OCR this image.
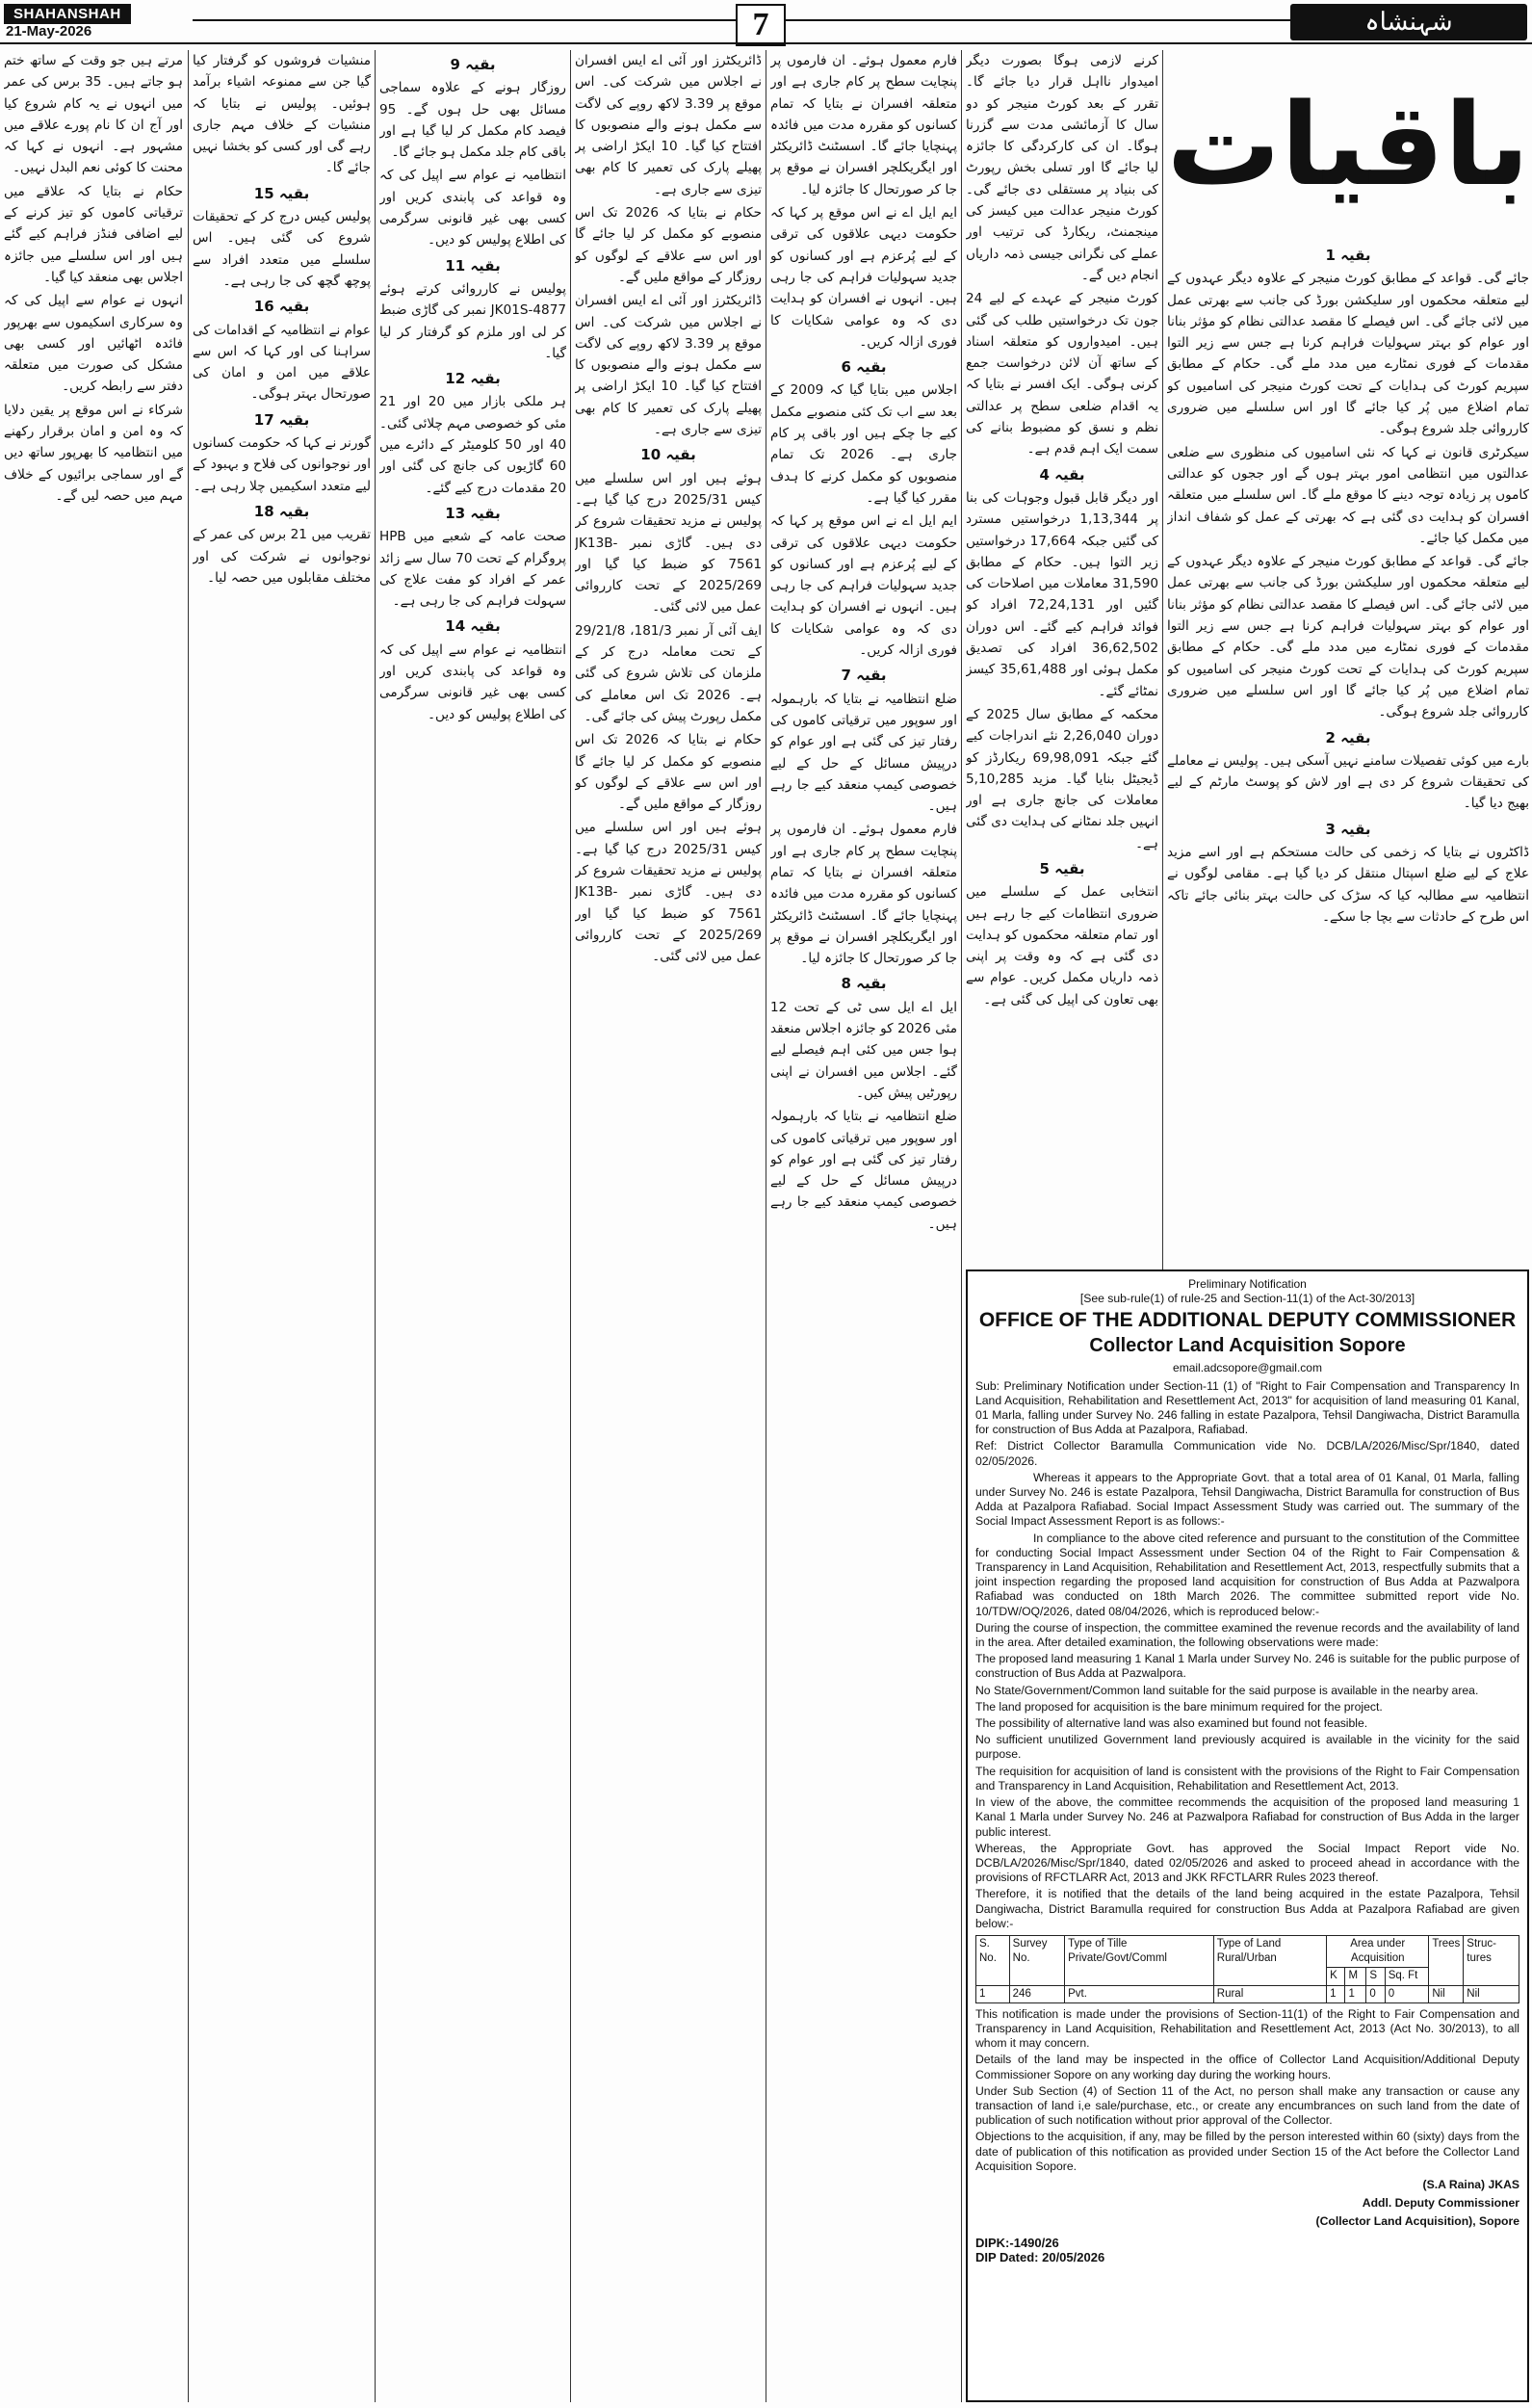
SHAHANSHAH
21-May-2026	7	شہنشاہ
باقیات

بقیہ 1

جائے گی۔ قواعد کے مطابق کورٹ منیجر کے علاوہ دیگر عہدوں کے لیے متعلقہ محکموں اور سلیکشن بورڈ کی جانب سے بھرتی عمل میں لائی جائے گی۔ اس فیصلے کا مقصد عدالتی نظام کو مؤثر بنانا اور عوام کو بہتر سہولیات فراہم کرنا ہے جس سے زیر التوا مقدمات کے فوری نمٹارے میں مدد ملے گی۔ حکام کے مطابق سپریم کورٹ کی ہدایات کے تحت کورٹ منیجر کی اسامیوں کو تمام اضلاع میں پُر کیا جائے گا اور اس سلسلے میں ضروری کارروائی جلد شروع ہوگی۔

سیکرٹری قانون نے کہا کہ نئی اسامیوں کی منظوری سے ضلعی عدالتوں میں انتظامی امور بہتر ہوں گے اور ججوں کو عدالتی کاموں پر زیادہ توجہ دینے کا موقع ملے گا۔ اس سلسلے میں متعلقہ افسران کو ہدایت دی گئی ہے کہ بھرتی کے عمل کو شفاف انداز میں مکمل کیا جائے۔

جائے گی۔ قواعد کے مطابق کورٹ منیجر کے علاوہ دیگر عہدوں کے لیے متعلقہ محکموں اور سلیکشن بورڈ کی جانب سے بھرتی عمل میں لائی جائے گی۔ اس فیصلے کا مقصد عدالتی نظام کو مؤثر بنانا اور عوام کو بہتر سہولیات فراہم کرنا ہے جس سے زیر التوا مقدمات کے فوری نمٹارے میں مدد ملے گی۔ حکام کے مطابق سپریم کورٹ کی ہدایات کے تحت کورٹ منیجر کی اسامیوں کو تمام اضلاع میں پُر کیا جائے گا اور اس سلسلے میں ضروری کارروائی جلد شروع ہوگی۔

بقیہ 2

بارے میں کوئی تفصیلات سامنے نہیں آسکی ہیں۔ پولیس نے معاملے کی تحقیقات شروع کر دی ہے اور لاش کو پوسٹ مارٹم کے لیے بھیج دیا گیا۔

بقیہ 3

ڈاکٹروں نے بتایا کہ زخمی کی حالت مستحکم ہے اور اسے مزید علاج کے لیے ضلع اسپتال منتقل کر دیا گیا ہے۔ مقامی لوگوں نے انتظامیہ سے مطالبہ کیا کہ سڑک کی حالت بہتر بنائی جائے تاکہ اس طرح کے حادثات سے بچا جا سکے۔

کرنے لازمی ہوگا بصورت دیگر امیدوار نااہل قرار دیا جائے گا۔ تقرر کے بعد کورٹ منیجر کو دو سال کا آزمائشی مدت سے گزرنا ہوگا۔ ان کی کارکردگی کا جائزہ لیا جائے گا اور تسلی بخش رپورٹ کی بنیاد پر مستقلی دی جائے گی۔ کورٹ منیجر عدالت میں کیسز کی مینجمنٹ، ریکارڈ کی ترتیب اور عملے کی نگرانی جیسی ذمہ داریاں انجام دیں گے۔

کورٹ منیجر کے عہدے کے لیے 24 جون تک درخواستیں طلب کی گئی ہیں۔ امیدواروں کو متعلقہ اسناد کے ساتھ آن لائن درخواست جمع کرنی ہوگی۔ ایک افسر نے بتایا کہ یہ اقدام ضلعی سطح پر عدالتی نظم و نسق کو مضبوط بنانے کی سمت ایک اہم قدم ہے۔

بقیہ 4

اور دیگر قابل قبول وجوہات کی بنا پر 1,13,344 درخواستیں مسترد کی گئیں جبکہ 17,664 درخواستیں زیر التوا ہیں۔ حکام کے مطابق 31,590 معاملات میں اصلاحات کی گئیں اور 72,24,131 افراد کو فوائد فراہم کیے گئے۔ اس دوران 36,62,502 افراد کی تصدیق مکمل ہوئی اور 35,61,488 کیسز نمٹائے گئے۔

محکمہ کے مطابق سال 2025 کے دوران 2,26,040 نئے اندراجات کیے گئے جبکہ 69,98,091 ریکارڈز کو ڈیجیٹل بنایا گیا۔ مزید 5,10,285 معاملات کی جانچ جاری ہے اور انہیں جلد نمٹانے کی ہدایت دی گئی ہے۔

بقیہ 5

انتخابی عمل کے سلسلے میں ضروری انتظامات کیے جا رہے ہیں اور تمام متعلقہ محکموں کو ہدایت دی گئی ہے کہ وہ وقت پر اپنی ذمہ داریاں مکمل کریں۔ عوام سے بھی تعاون کی اپیل کی گئی ہے۔

فارم معمول ہوئے۔ ان فارموں پر پنچایت سطح پر کام جاری ہے اور متعلقہ افسران نے بتایا کہ تمام کسانوں کو مقررہ مدت میں فائدہ پہنچایا جائے گا۔ اسسٹنٹ ڈائریکٹر اور ایگریکلچر افسران نے موقع پر جا کر صورتحال کا جائزہ لیا۔

ایم ایل اے نے اس موقع پر کہا کہ حکومت دیہی علاقوں کی ترقی کے لیے پُرعزم ہے اور کسانوں کو جدید سہولیات فراہم کی جا رہی ہیں۔ انہوں نے افسران کو ہدایت دی کہ وہ عوامی شکایات کا فوری ازالہ کریں۔

بقیہ 6

اجلاس میں بتایا گیا کہ 2009 کے بعد سے اب تک کئی منصوبے مکمل کیے جا چکے ہیں اور باقی پر کام جاری ہے۔ 2026 تک تمام منصوبوں کو مکمل کرنے کا ہدف مقرر کیا گیا ہے۔

ایم ایل اے نے اس موقع پر کہا کہ حکومت دیہی علاقوں کی ترقی کے لیے پُرعزم ہے اور کسانوں کو جدید سہولیات فراہم کی جا رہی ہیں۔ انہوں نے افسران کو ہدایت دی کہ وہ عوامی شکایات کا فوری ازالہ کریں۔

بقیہ 7

ضلع انتظامیہ نے بتایا کہ بارہمولہ اور سوپور میں ترقیاتی کاموں کی رفتار تیز کی گئی ہے اور عوام کو درپیش مسائل کے حل کے لیے خصوصی کیمپ منعقد کیے جا رہے ہیں۔

فارم معمول ہوئے۔ ان فارموں پر پنچایت سطح پر کام جاری ہے اور متعلقہ افسران نے بتایا کہ تمام کسانوں کو مقررہ مدت میں فائدہ پہنچایا جائے گا۔ اسسٹنٹ ڈائریکٹر اور ایگریکلچر افسران نے موقع پر جا کر صورتحال کا جائزہ لیا۔

بقیہ 8

ایل اے ایل سی ٹی کے تحت 12 مئی 2026 کو جائزہ اجلاس منعقد ہوا جس میں کئی اہم فیصلے لیے گئے۔ اجلاس میں افسران نے اپنی رپورٹیں پیش کیں۔

ضلع انتظامیہ نے بتایا کہ بارہمولہ اور سوپور میں ترقیاتی کاموں کی رفتار تیز کی گئی ہے اور عوام کو درپیش مسائل کے حل کے لیے خصوصی کیمپ منعقد کیے جا رہے ہیں۔

ڈائریکٹرز اور آئی اے ایس افسران نے اجلاس میں شرکت کی۔ اس موقع پر 3.39 لاکھ روپے کی لاگت سے مکمل ہونے والے منصوبوں کا افتتاح کیا گیا۔ 10 ایکڑ اراضی پر پھیلے پارک کی تعمیر کا کام بھی تیزی سے جاری ہے۔

حکام نے بتایا کہ 2026 تک اس منصوبے کو مکمل کر لیا جائے گا اور اس سے علاقے کے لوگوں کو روزگار کے مواقع ملیں گے۔

ڈائریکٹرز اور آئی اے ایس افسران نے اجلاس میں شرکت کی۔ اس موقع پر 3.39 لاکھ روپے کی لاگت سے مکمل ہونے والے منصوبوں کا افتتاح کیا گیا۔ 10 ایکڑ اراضی پر پھیلے پارک کی تعمیر کا کام بھی تیزی سے جاری ہے۔

بقیہ 10

ہوئے ہیں اور اس سلسلے میں کیس 2025/31 درج کیا گیا ہے۔ پولیس نے مزید تحقیقات شروع کر دی ہیں۔ گاڑی نمبر JK13B-7561 کو ضبط کیا گیا اور 2025/269 کے تحت کارروائی عمل میں لائی گئی۔

ایف آئی آر نمبر 181/3، 29/21/8 کے تحت معاملہ درج کر کے ملزمان کی تلاش شروع کی گئی ہے۔ 2026 تک اس معاملے کی مکمل رپورٹ پیش کی جائے گی۔

حکام نے بتایا کہ 2026 تک اس منصوبے کو مکمل کر لیا جائے گا اور اس سے علاقے کے لوگوں کو روزگار کے مواقع ملیں گے۔

ہوئے ہیں اور اس سلسلے میں کیس 2025/31 درج کیا گیا ہے۔ پولیس نے مزید تحقیقات شروع کر دی ہیں۔ گاڑی نمبر JK13B-7561 کو ضبط کیا گیا اور 2025/269 کے تحت کارروائی عمل میں لائی گئی۔

بقیہ 9

روزگار ہونے کے علاوہ سماجی مسائل بھی حل ہوں گے۔ 95 فیصد کام مکمل کر لیا گیا ہے اور باقی کام جلد مکمل ہو جائے گا۔

انتظامیہ نے عوام سے اپیل کی کہ وہ قواعد کی پابندی کریں اور کسی بھی غیر قانونی سرگرمی کی اطلاع پولیس کو دیں۔

بقیہ 11

پولیس نے کارروائی کرتے ہوئے JK01S-4877 نمبر کی گاڑی ضبط کر لی اور ملزم کو گرفتار کر لیا گیا۔

بقیہ 12

ہر ملکی بازار میں 20 اور 21 مئی کو خصوصی مہم چلائی گئی۔ 40 اور 50 کلومیٹر کے دائرے میں 60 گاڑیوں کی جانچ کی گئی اور 20 مقدمات درج کیے گئے۔

بقیہ 13

صحت عامہ کے شعبے میں HPB پروگرام کے تحت 70 سال سے زائد عمر کے افراد کو مفت علاج کی سہولت فراہم کی جا رہی ہے۔

بقیہ 14

انتظامیہ نے عوام سے اپیل کی کہ وہ قواعد کی پابندی کریں اور کسی بھی غیر قانونی سرگرمی کی اطلاع پولیس کو دیں۔

منشیات فروشوں کو گرفتار کیا گیا جن سے ممنوعہ اشیاء برآمد ہوئیں۔ پولیس نے بتایا کہ منشیات کے خلاف مہم جاری رہے گی اور کسی کو بخشا نہیں جائے گا۔

بقیہ 15

پولیس کیس درج کر کے تحقیقات شروع کی گئی ہیں۔ اس سلسلے میں متعدد افراد سے پوچھ گچھ کی جا رہی ہے۔

بقیہ 16

عوام نے انتظامیہ کے اقدامات کی سراہنا کی اور کہا کہ اس سے علاقے میں امن و امان کی صورتحال بہتر ہوگی۔

بقیہ 17

گورنر نے کہا کہ حکومت کسانوں اور نوجوانوں کی فلاح و بہبود کے لیے متعدد اسکیمیں چلا رہی ہے۔

بقیہ 18

تقریب میں 21 برس کی عمر کے نوجوانوں نے شرکت کی اور مختلف مقابلوں میں حصہ لیا۔

مرتے ہیں جو وقت کے ساتھ ختم ہو جاتے ہیں۔ 35 برس کی عمر میں انہوں نے یہ کام شروع کیا اور آج ان کا نام پورے علاقے میں مشہور ہے۔ انہوں نے کہا کہ محنت کا کوئی نعم البدل نہیں۔

حکام نے بتایا کہ علاقے میں ترقیاتی کاموں کو تیز کرنے کے لیے اضافی فنڈز فراہم کیے گئے ہیں اور اس سلسلے میں جائزہ اجلاس بھی منعقد کیا گیا۔

انہوں نے عوام سے اپیل کی کہ وہ سرکاری اسکیموں سے بھرپور فائدہ اٹھائیں اور کسی بھی مشکل کی صورت میں متعلقہ دفتر سے رابطہ کریں۔

شرکاء نے اس موقع پر یقین دلایا کہ وہ امن و امان برقرار رکھنے میں انتظامیہ کا بھرپور ساتھ دیں گے اور سماجی برائیوں کے خلاف مہم میں حصہ لیں گے۔

Preliminary Notification
[See sub-rule(1) of rule-25 and Section-11(1) of the Act-30/2013]
OFFICE OF THE ADDITIONAL DEPUTY COMMISSIONER
Collector Land Acquisition Sopore
email.adcsopore@gmail.com

Sub: Preliminary Notification under Section-11 (1) of "Right to Fair Compensation and Transparency In Land Acquisition, Rehabilitation and Resettlement Act, 2013" for acquisition of land measuring 01 Kanal, 01 Marla, falling under Survey No. 246 falling in estate Pazalpora, Tehsil Dangiwacha, District Baramulla for construction of Bus Adda at Pazalpora, Rafiabad.

Ref: District Collector Baramulla Communication vide No. DCB/LA/2026/Misc/Spr/1840, dated 02/05/2026.

Whereas it appears to the Appropriate Govt. that a total area of 01 Kanal, 01 Marla, falling under Survey No. 246 is estate Pazalpora, Tehsil Dangiwacha, District Baramulla for construction of Bus Adda at Pazalpora Rafiabad. Social Impact Assessment Study was carried out. The summary of the Social Impact Assessment Report is as follows:-

In compliance to the above cited reference and pursuant to the constitution of the Committee for conducting Social Impact Assessment under Section 04 of the Right to Fair Compensation & Transparency in Land Acquisition, Rehabilitation and Resettlement Act, 2013, respectfully submits that a joint inspection regarding the proposed land acquisition for construction of Bus Adda at Pazwalpora Rafiabad was conducted on 18th March 2026. The committee submitted report vide No. 10/TDW/OQ/2026, dated 08/04/2026, which is reproduced below:-

During the course of inspection, the committee examined the revenue records and the availability of land in the area. After detailed examination, the following observations were made:

The proposed land measuring 1 Kanal 1 Marla under Survey No. 246 is suitable for the public purpose of construction of Bus Adda at Pazwalpora.

No State/Government/Common land suitable for the said purpose is available in the nearby area.

The land proposed for acquisition is the bare minimum required for the project.

The possibility of alternative land was also examined but found not feasible.

No sufficient unutilized Government land previously acquired is available in the vicinity for the said purpose.

The requisition for acquisition of land is consistent with the provisions of the Right to Fair Compensation and Transparency in Land Acquisition, Rehabilitation and Resettlement Act, 2013.

In view of the above, the committee recommends the acquisition of the proposed land measuring 1 Kanal 1 Marla under Survey No. 246 at Pazwalpora Rafiabad for construction of Bus Adda in the larger public interest.

Whereas, the Appropriate Govt. has approved the Social Impact Report vide No. DCB/LA/2026/Misc/Spr/1840, dated 02/05/2026 and asked to proceed ahead in accordance with the provisions of RFCTLARR Act, 2013 and JKK RFCTLARR Rules 2023 thereof.

Therefore, it is notified that the details of the land being acquired in the estate Pazalpora, Tehsil Dangiwacha, District Baramulla required for construction Bus Adda at Pazalpora Rafiabad are given below:-

S. No.	Survey No.	Type of Tille Private/Govt/Comml	Type of Land Rural/Urban	Area under Acquisition				Trees	Struc- tures
				K	M	S	Sq. Ft		
1	246	Pvt.	Rural	1	1	0	0	Nil	Nil

This notification is made under the provisions of Section-11(1) of the Right to Fair Compensation and Transparency in Land Acquisition, Rehabilitation and Resettlement Act, 2013 (Act No. 30/2013), to all whom it may concern.

Details of the land may be inspected in the office of Collector Land Acquisition/Additional Deputy Commissioner Sopore on any working day during the working hours.

Under Sub Section (4) of Section 11 of the Act, no person shall make any transaction or cause any transaction of land i,e sale/purchase, etc., or create any encumbrances on such land from the date of publication of such notification without prior approval of the Collector.

Objections to the acquisition, if any, may be filled by the person interested within 60 (sixty) days from the date of publication of this notification as provided under Section 15 of the Act before the Collector Land Acquisition Sopore.

(S.A Raina) JKAS
Addl. Deputy Commissioner
(Collector Land Acquisition), Sopore
DIPK:-1490/26
DIP Dated: 20/05/2026
